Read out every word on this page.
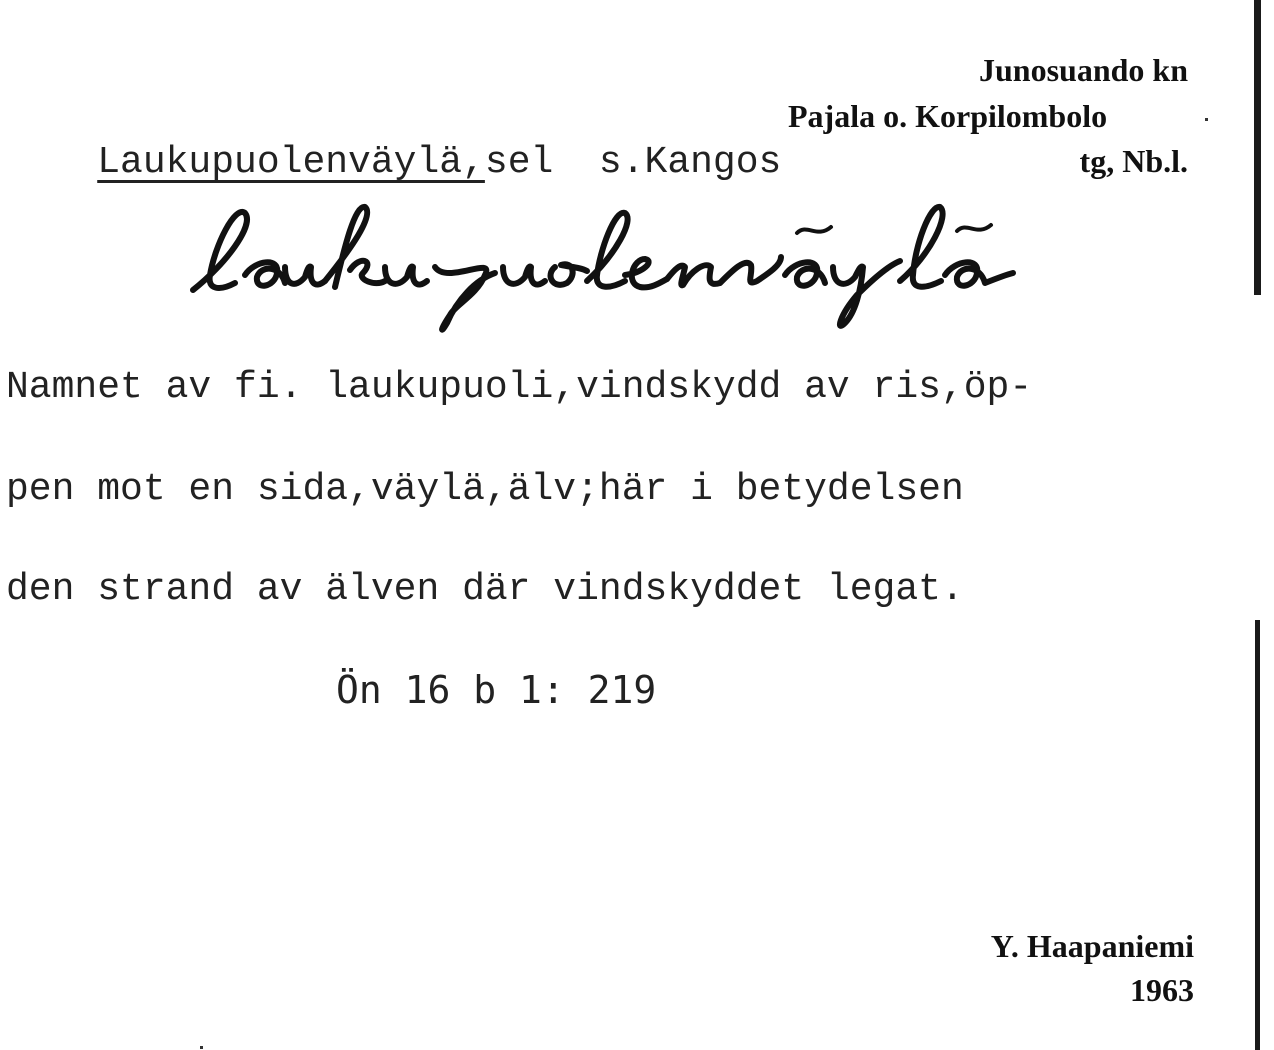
Laukupuolenväylä,sel  s.Kangos

Junosuando kn
Pajala o. Korpilombolo
tg, Nb.l.
Namnet av fi. laukupuoli,vindskydd av ris,öp-
pen mot en sida,väylä,älv;här i betydelsen
den strand av älven där vindskyddet legat.
Ön 16 b 1: 219
Y. Haapaniemi
1963
